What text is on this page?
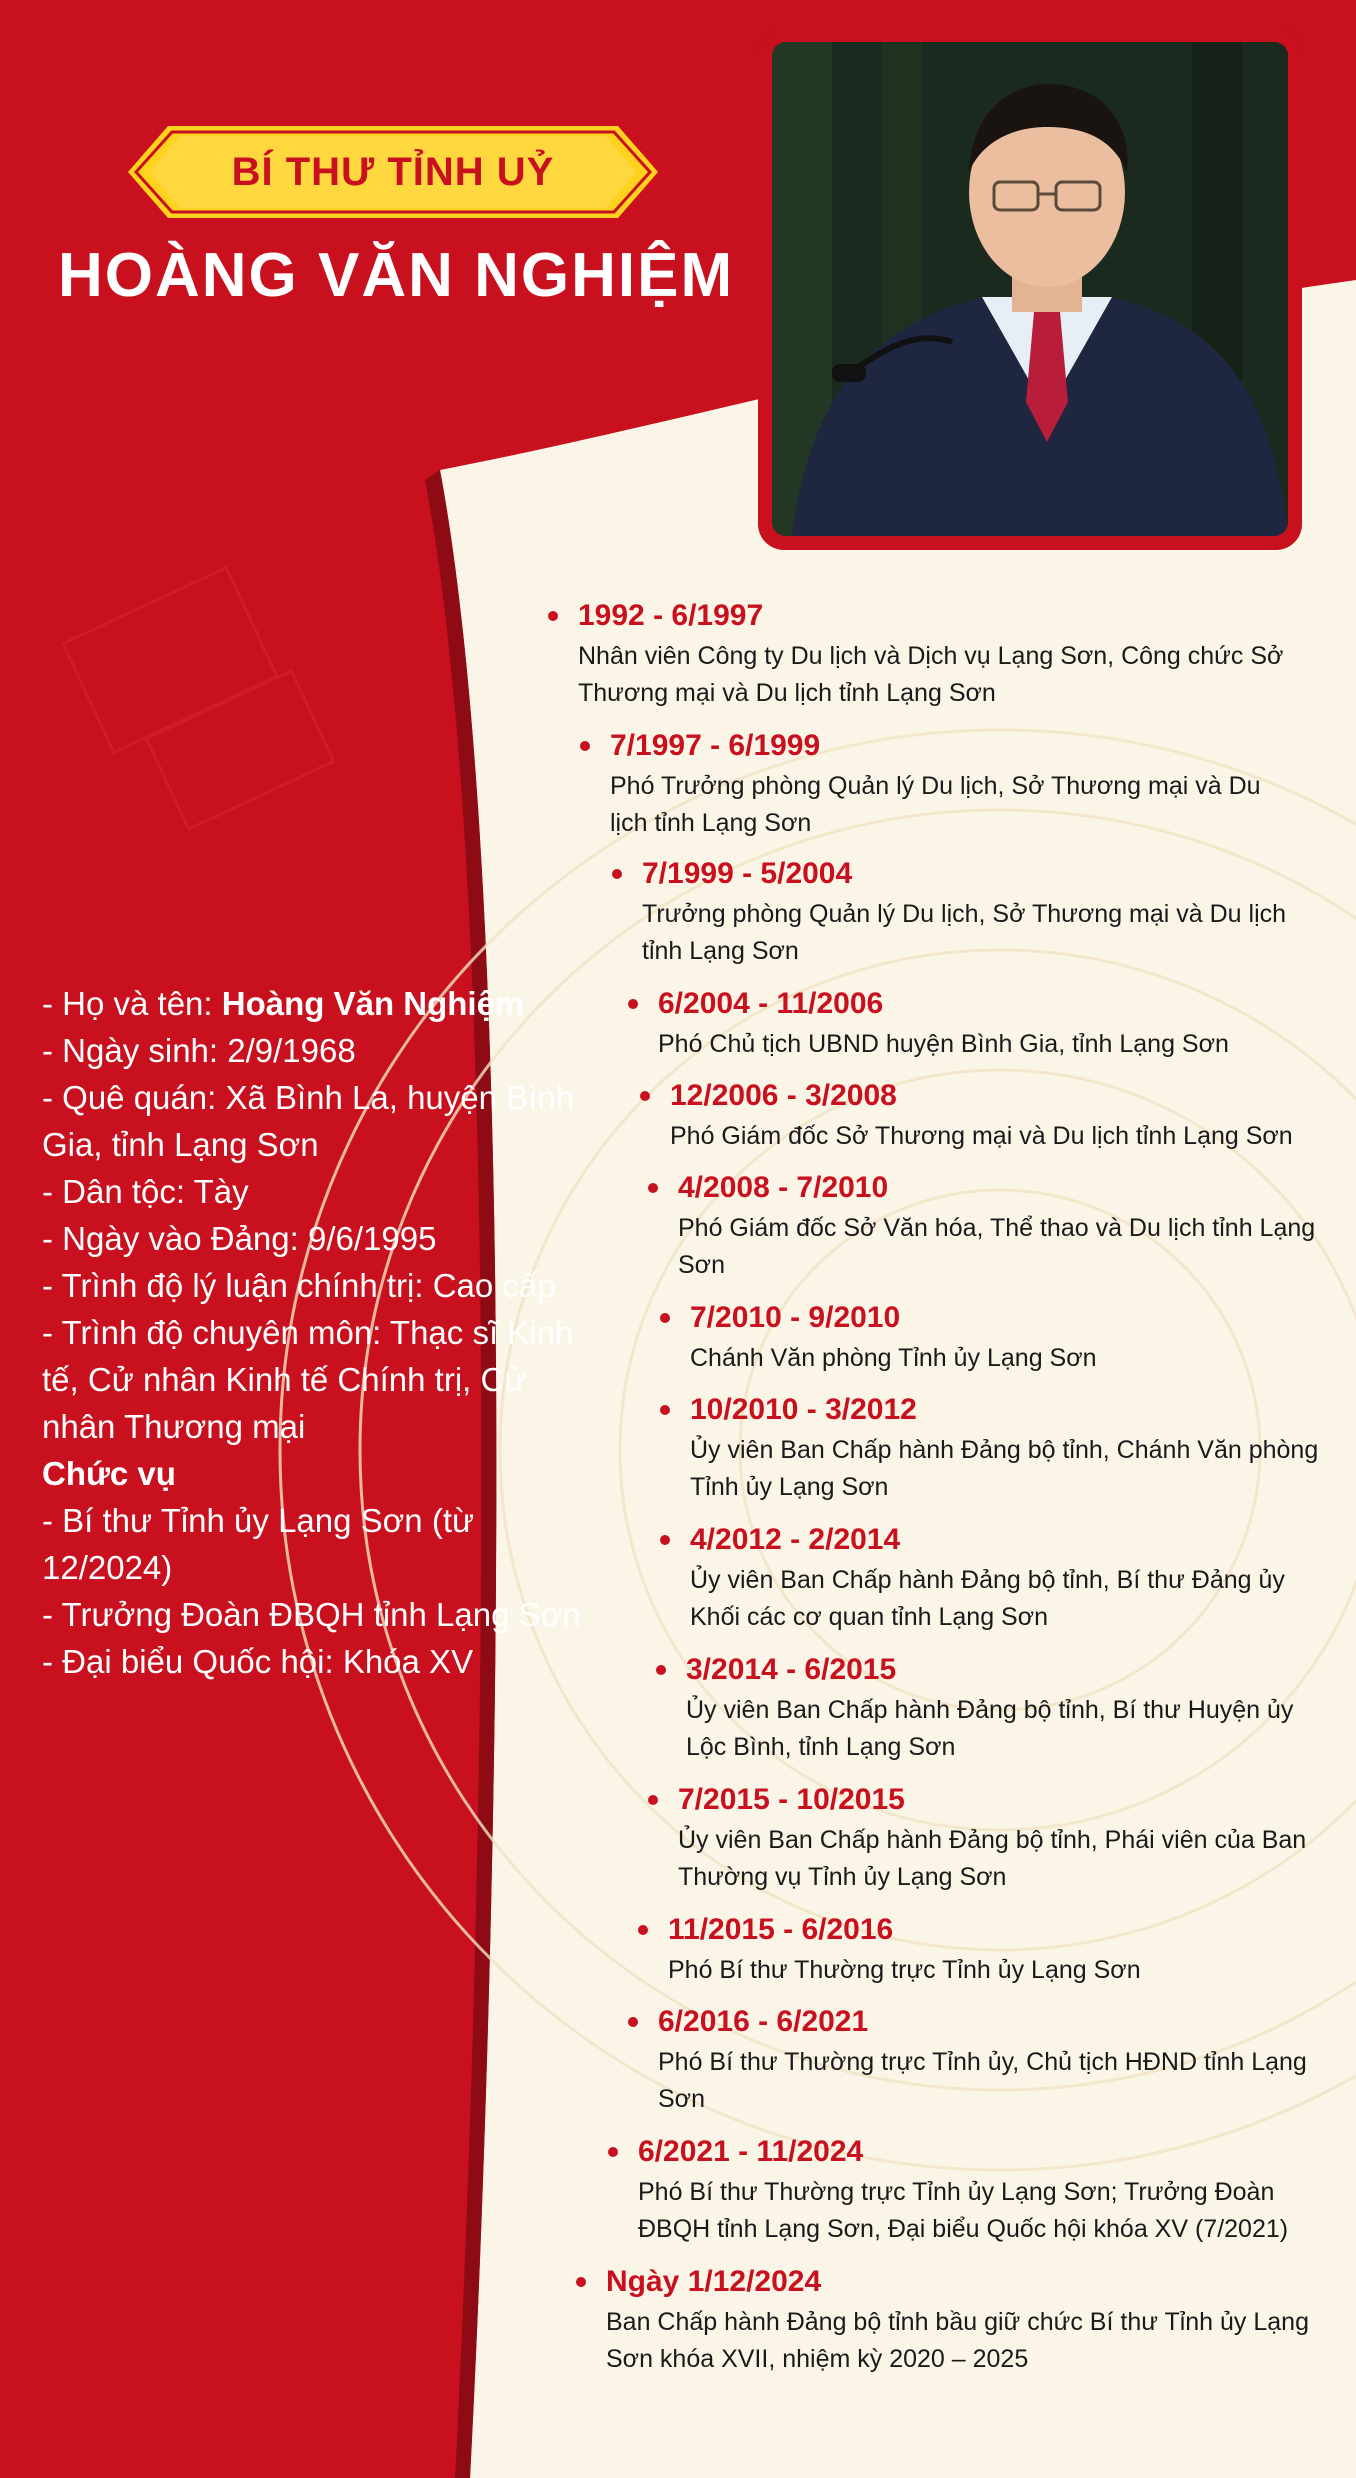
BÍ THƯ TỈNH UỶ
HOÀNG VĂN NGHIỆM

- Họ và tên: Hoàng Văn Nghiệm

- Ngày sinh: 2/9/1968

- Quê quán: Xã Bình La, huyện Bình Gia, tỉnh Lạng Sơn

- Dân tộc: Tày

- Ngày vào Đảng: 9/6/1995

- Trình độ lý luận chính trị: Cao cấp

- Trình độ chuyên môn: Thạc sĩ Kinh tế, Cử nhân Kinh tế Chính trị, Cử nhân Thương mại

Chức vụ

- Bí thư Tỉnh ủy Lạng Sơn (từ 12/2024)

- Trưởng Đoàn ĐBQH tỉnh Lạng Sơn

- Đại biểu Quốc hội: Khóa XV

1992 - 6/1997
Nhân viên Công ty Du lịch và Dịch vụ Lạng Sơn, Công chức Sở Thương mại và Du lịch tỉnh Lạng Sơn
7/1997 - 6/1999
Phó Trưởng phòng Quản lý Du lịch, Sở Thương mại và Du lịch tỉnh Lạng Sơn
7/1999 - 5/2004
Trưởng phòng Quản lý Du lịch, Sở Thương mại và Du lịch tỉnh Lạng Sơn
6/2004 - 11/2006
Phó Chủ tịch UBND huyện Bình Gia, tỉnh Lạng Sơn
12/2006 - 3/2008
Phó Giám đốc Sở Thương mại và Du lịch tỉnh Lạng Sơn
4/2008 - 7/2010
Phó Giám đốc Sở Văn hóa, Thể thao và Du lịch tỉnh Lạng Sơn
7/2010 - 9/2010
Chánh Văn phòng Tỉnh ủy Lạng Sơn
10/2010 - 3/2012
Ủy viên Ban Chấp hành Đảng bộ tỉnh, Chánh Văn phòng Tỉnh ủy Lạng Sơn
4/2012 - 2/2014
Ủy viên Ban Chấp hành Đảng bộ tỉnh, Bí thư Đảng ủy Khối các cơ quan tỉnh Lạng Sơn
3/2014 - 6/2015
Ủy viên Ban Chấp hành Đảng bộ tỉnh, Bí thư Huyện ủy Lộc Bình, tỉnh Lạng Sơn
7/2015 - 10/2015
Ủy viên Ban Chấp hành Đảng bộ tỉnh, Phái viên của Ban Thường vụ Tỉnh ủy Lạng Sơn
11/2015 - 6/2016
Phó Bí thư Thường trực Tỉnh ủy Lạng Sơn
6/2016 - 6/2021
Phó Bí thư Thường trực Tỉnh ủy, Chủ tịch HĐND tỉnh Lạng Sơn
6/2021 - 11/2024
Phó Bí thư Thường trực Tỉnh ủy Lạng Sơn; Trưởng Đoàn ĐBQH tỉnh Lạng Sơn, Đại biểu Quốc hội khóa XV (7/2021)
Ngày 1/12/2024
Ban Chấp hành Đảng bộ tỉnh bầu giữ chức Bí thư Tỉnh ủy Lạng Sơn khóa XVII, nhiệm kỳ 2020 – 2025
